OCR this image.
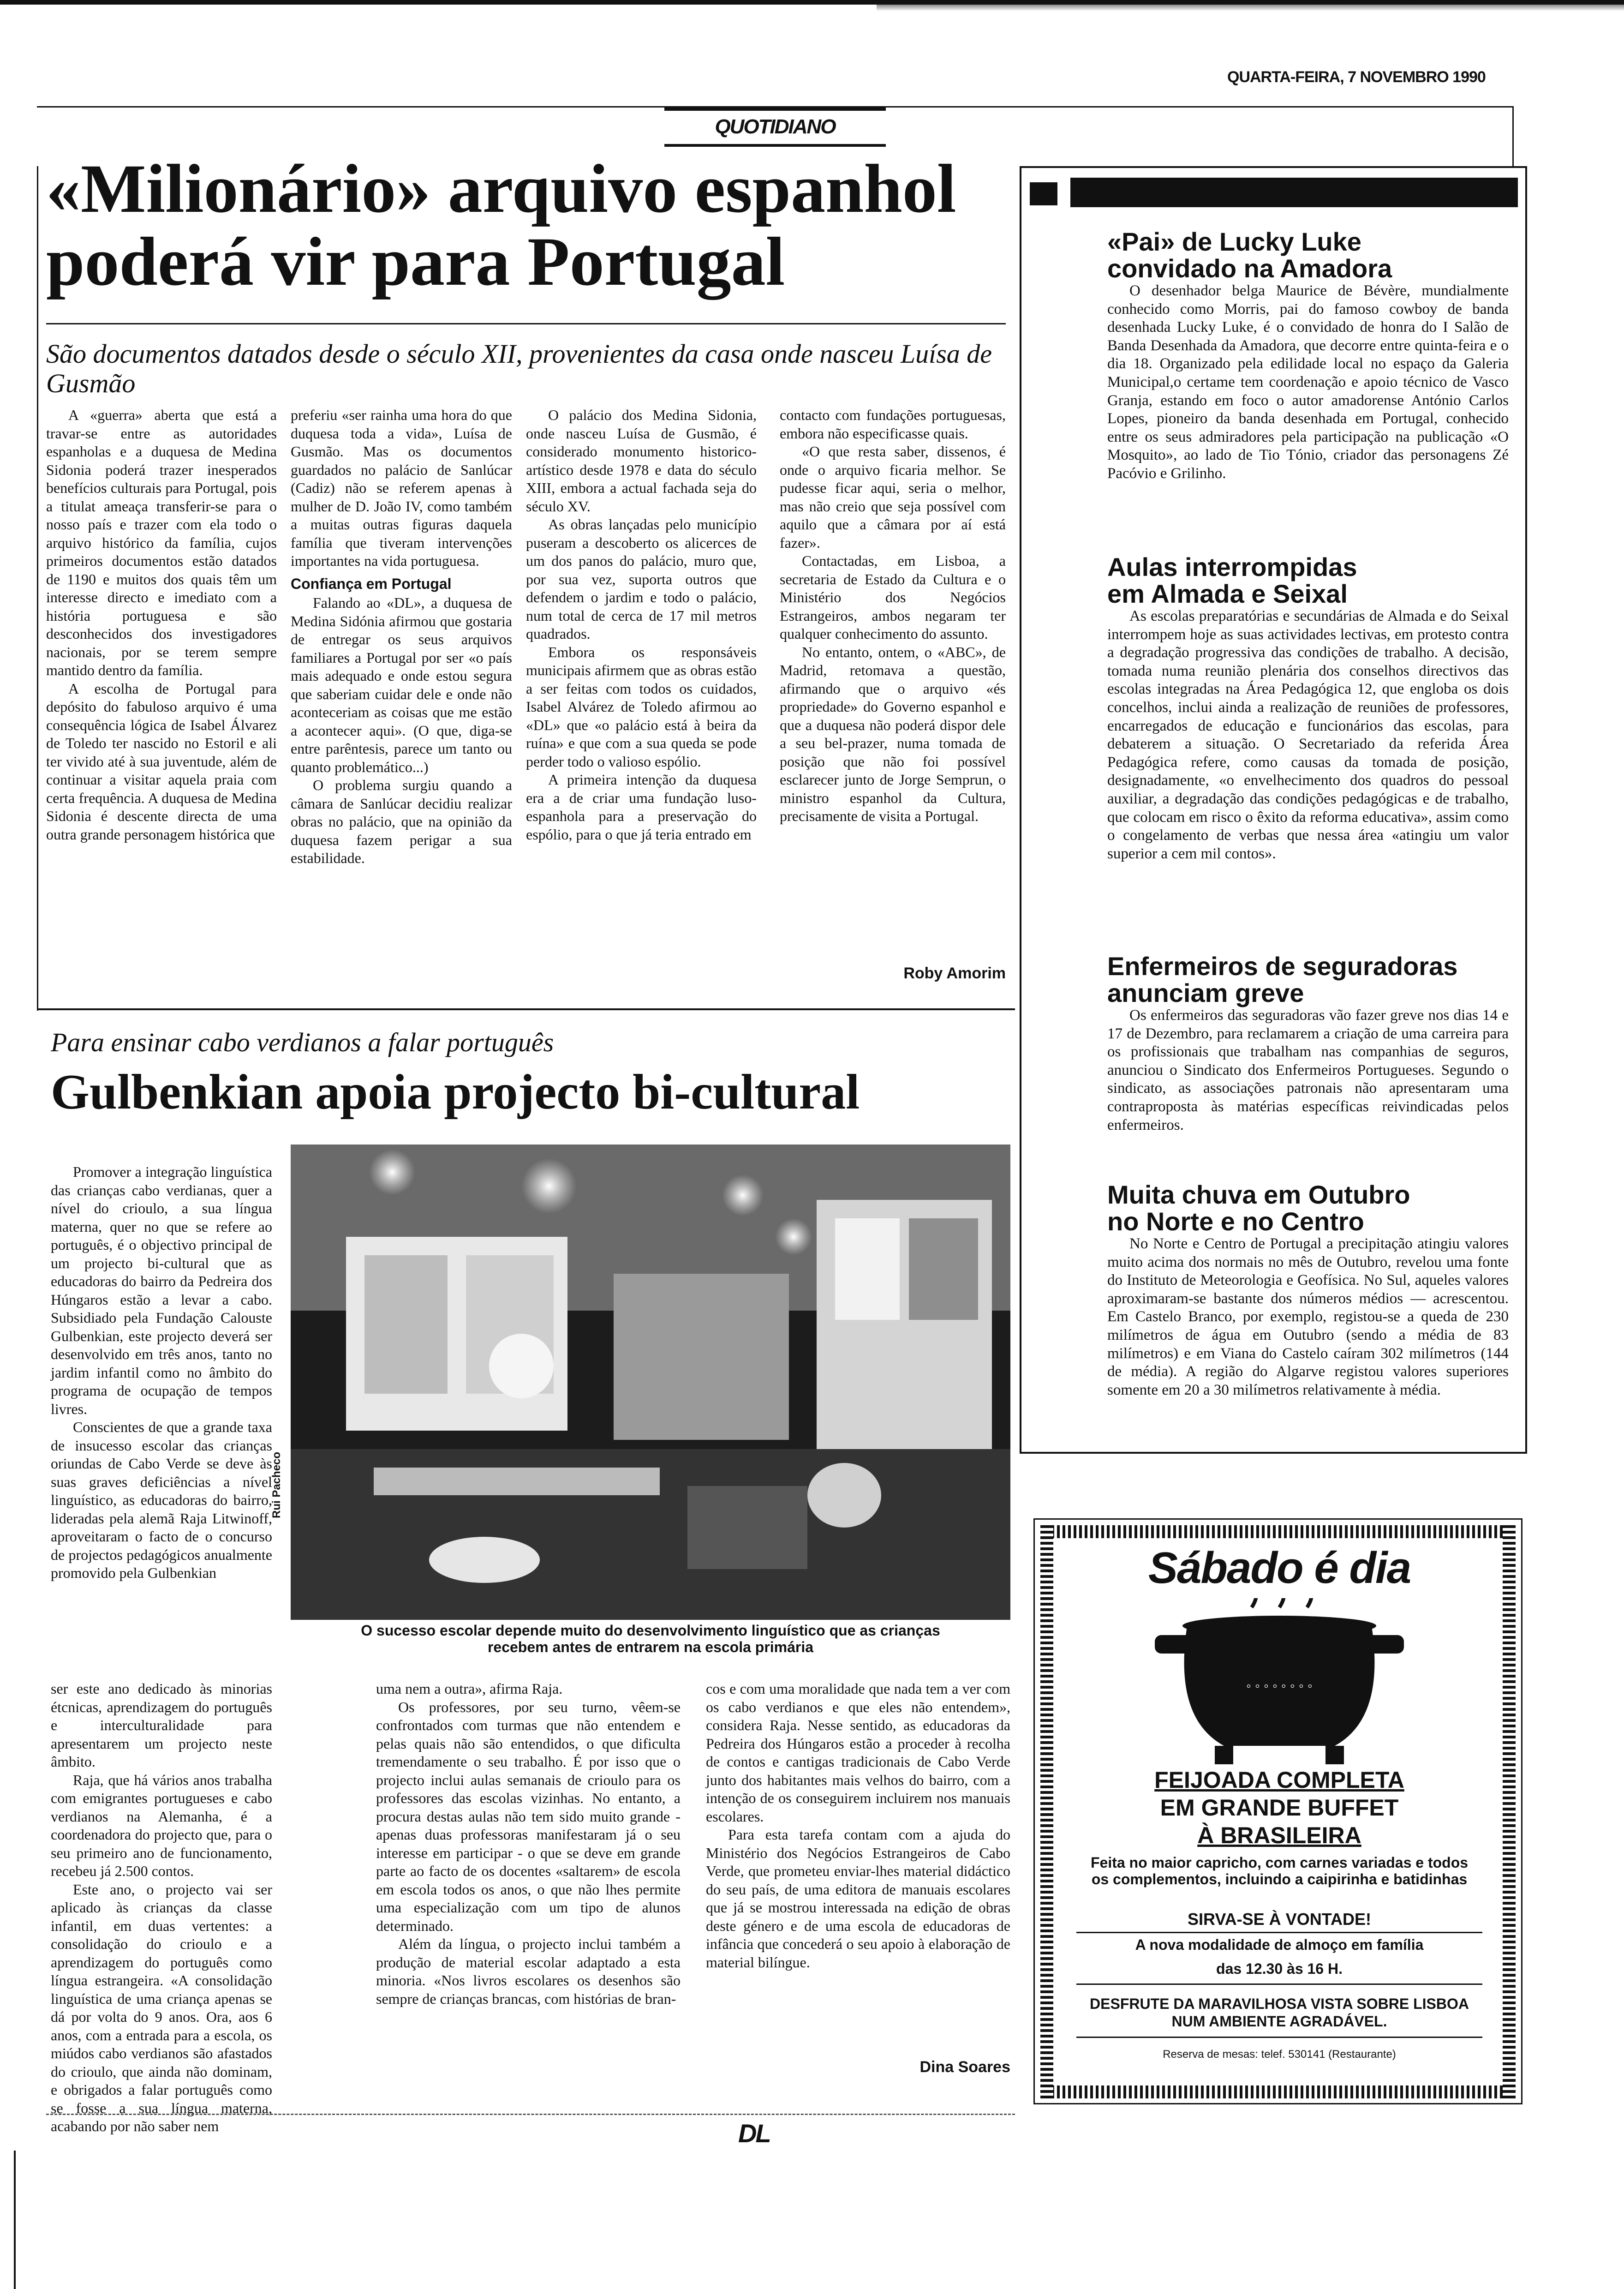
QUARTA-FEIRA, 7 NOVEMBRO 1990
QUOTIDIANO
«Milionário» arquivo espanhol
poderá vir para Portugal
São documentos datados desde o século XII, provenientes da casa onde nasceu Luísa de Gusmão

A «guerra» aberta que está a travar-se entre as autoridades espanholas e a duquesa de Medina Sidonia poderá trazer inesperados benefícios culturais para Portugal, pois a titulat ameaça transferir-se para o nosso país e trazer com ela todo o arquivo histórico da família, cujos primeiros documentos estão datados de 1190 e muitos dos quais têm um interesse directo e imediato com a história portuguesa e são desconhecidos dos investigadores nacionais, por se terem sempre mantido dentro da família.

A escolha de Portugal para depósito do fabuloso arquivo é uma consequência lógica de Isabel Álvarez de Toledo ter nascido no Estoril e ali ter vivido até à sua juventude, além de continuar a visitar aquela praia com certa frequência. A duquesa de Medina Sidonia é descente directa de uma outra grande personagem histórica que

preferiu «ser rainha uma hora do que duquesa toda a vida», Luísa de Gusmão. Mas os documentos guardados no palácio de Sanlúcar (Cadiz) não se referem apenas à mulher de D. João IV, como também a muitas outras figuras daquela família que tiveram intervenções importantes na vida portuguesa.

Confiança em Portugal

Falando ao «DL», a duquesa de Medina Sidónia afirmou que gostaria de entregar os seus arquivos familiares a Portugal por ser «o país mais adequado e onde estou segura que saberiam cuidar dele e onde não aconteceriam as coisas que me estão a acontecer aqui». (O que, diga-se entre parêntesis, parece um tanto ou quanto problemático...)

O problema surgiu quando a câmara de Sanlúcar decidiu realizar obras no palácio, que na opinião da duquesa fazem perigar a sua estabilidade.

O palácio dos Medina Sidonia, onde nasceu Luísa de Gusmão, é considerado monumento historico-artístico desde 1978 e data do século XIII, embora a actual fachada seja do século XV.

As obras lançadas pelo município puseram a descoberto os alicerces de um dos panos do palácio, muro que, por sua vez, suporta outros que defendem o jardim e todo o palácio, num total de cerca de 17 mil metros quadrados.

Embora os responsáveis municipais afirmem que as obras estão a ser feitas com todos os cuidados, Isabel Alvárez de Toledo afirmou ao «DL» que «o palácio está à beira da ruína» e que com a sua queda se pode perder todo o valioso espólio.

A primeira intenção da duquesa era a de criar uma fundação luso-espanhola para a preservação do espólio, para o que já teria entrado em

contacto com fundações portuguesas, embora não especificasse quais.

«O que resta saber, dissenos, é onde o arquivo ficaria melhor. Se pudesse ficar aqui, seria o melhor, mas não creio que seja possível com aquilo que a câmara por aí está fazer».

Contactadas, em Lisboa, a secretaria de Estado da Cultura e o Ministério dos Negócios Estrangeiros, ambos negaram ter qualquer conhecimento do assunto.

No entanto, ontem, o «ABC», de Madrid, retomava a questão, afirmando que o arquivo «és propriedade» do Governo espanhol e que a duquesa não poderá dispor dele a seu bel-prazer, numa tomada de posição que não foi possível esclarecer junto de Jorge Semprun, o ministro espanhol da Cultura, precisamente de visita a Portugal.

Roby Amorim
Para ensinar cabo verdianos a falar português
Gulbenkian apoia projecto bi-cultural

Promover a integração linguística das crianças cabo verdianas, quer a nível do crioulo, a sua língua materna, quer no que se refere ao português, é o objectivo principal de um projecto bi-cultural que as educadoras do bairro da Pedreira dos Húngaros estão a levar a cabo. Subsidiado pela Fundação Calouste Gulbenkian, este projecto deverá ser desenvolvido em três anos, tanto no jardim infantil como no âmbito do programa de ocupação de tempos livres.

Conscientes de que a grande taxa de insucesso escolar das crianças oriundas de Cabo Verde se deve às suas graves deficiências a nível linguístico, as educadoras do bairro, lideradas pela alemã Raja Litwinoff, aproveitaram o facto de o concurso de projectos pedagógicos anualmente promovido pela Gulbenkian

Rui Pacheco
O sucesso escolar depende muito do desenvolvimento linguístico que as crianças
recebem antes de entrarem na escola primária

ser este ano dedicado às minorias étcnicas, aprendizagem do português e interculturalidade para apresentarem um projecto neste âmbito.

Raja, que há vários anos trabalha com emigrantes portugueses e cabo verdianos na Alemanha, é a coordenadora do projecto que, para o seu primeiro ano de funcionamento, recebeu já 2.500 contos.

Este ano, o projecto vai ser aplicado às crianças da classe infantil, em duas vertentes: a consolidação do crioulo e a aprendizagem do português como língua estrangeira. «A consolidação linguística de uma criança apenas se dá por volta do 9 anos. Ora, aos 6 anos, com a entrada para a escola, os miúdos cabo verdianos são afastados do crioulo, que ainda não dominam, e obrigados a falar português como se fosse a sua língua materna, acabando por não saber nem

uma nem a outra», afirma Raja.

Os professores, por seu turno, vêem-se confrontados com turmas que não entendem e pelas quais não são entendidos, o que dificulta tremendamente o seu trabalho. É por isso que o projecto inclui aulas semanais de crioulo para os professores das escolas vizinhas. No entanto, a procura destas aulas não tem sido muito grande - apenas duas professoras manifestaram já o seu interesse em participar - o que se deve em grande parte ao facto de os docentes «saltarem» de escola em escola todos os anos, o que não lhes permite uma especialização com um tipo de alunos determinado.

Além da língua, o projecto inclui também a produção de material escolar adaptado a esta minoria. «Nos livros escolares os desenhos são sempre de crianças brancas, com histórias de bran-

cos e com uma moralidade que nada tem a ver com os cabo verdianos e que eles não entendem», considera Raja. Nesse sentido, as educadoras da Pedreira dos Húngaros estão a proceder à recolha de contos e cantigas tradicionais de Cabo Verde junto dos habitantes mais velhos do bairro, com a intenção de os conseguirem incluirem nos manuais escolares.

Para esta tarefa contam com a ajuda do Ministério dos Negócios Estrangeiros de Cabo Verde, que prometeu enviar-lhes material didáctico do seu país, de uma editora de manuais escolares que já se mostrou interessada na edição de obras deste género e de uma escola de educadoras de infância que concederá o seu apoio à elaboração de material bilíngue.

Dina Soares
«Pai» de Lucky Luke
convidado na Amadora

O desenhador belga Maurice de Bévère, mundialmente conhecido como Morris, pai do famoso cowboy de banda desenhada Lucky Luke, é o convidado de honra do I Salão de Banda Desenhada da Amadora, que decorre entre quinta-feira e o dia 18. Organizado pela edilidade local no espaço da Galeria Municipal,o certame tem coordenação e apoio técnico de Vasco Granja, estando em foco o autor amadorense António Carlos Lopes, pioneiro da banda desenhada em Portugal, conhecido entre os seus admiradores pela participação na publicação «O Mosquito», ao lado de Tio Tónio, criador das personagens Zé Pacóvio e Grilinho.

Aulas interrompidas
em Almada e Seixal

As escolas preparatórias e secundárias de Almada e do Seixal interrompem hoje as suas actividades lectivas, em protesto contra a degradação progressiva das condições de trabalho. A decisão, tomada numa reunião plenária dos conselhos directivos das escolas integradas na Área Pedagógica 12, que engloba os dois concelhos, inclui ainda a realização de reuniões de professores, encarregados de educação e funcionários das escolas, para debaterem a situação. O Secretariado da referida Área Pedagógica refere, como causas da tomada de posição, designadamente, «o envelhecimento dos quadros do pessoal auxiliar, a degradação das condições pedagógicas e de trabalho, que colocam em risco o êxito da reforma educativa», assim como o congelamento de verbas que nessa área «atingiu um valor superior a cem mil contos».

Enfermeiros de seguradoras
anunciam greve

Os enfermeiros das seguradoras vão fazer greve nos dias 14 e 17 de Dezembro, para reclamarem a criação de uma carreira para os profissionais que trabalham nas companhias de seguros, anunciou o Sindicato dos Enfermeiros Portugueses. Segundo o sindicato, as associações patronais não apresentaram uma contraproposta às matérias específicas reivindicadas pelos enfermeiros.

Muita chuva em Outubro
no Norte e no Centro

No Norte e Centro de Portugal a precipitação atingiu valores muito acima dos normais no mês de Outubro, revelou uma fonte do Instituto de Meteorologia e Geofísica. No Sul, aqueles valores aproximaram-se bastante dos números médios — acrescentou. Em Castelo Branco, por exemplo, registou-se a queda de 230 milímetros de água em Outubro (sendo a média de 83 milímetros) e em Viana do Castelo caíram 302 milímetros (144 de média). A região do Algarve registou valores superiores somente em 20 a 30 milímetros relativamente à média.

Sábado é dia
◦ ◦ ◦ ◦ ◦ ◦ ◦ ◦
FEIJOADA COMPLETA
EM GRANDE BUFFET
À BRASILEIRA
Feita no maior capricho, com carnes variadas e todos os complementos, incluindo a caipirinha e batidinhas
SIRVA-SE À VONTADE!
A nova modalidade de almoço em família
das 12.30 às 16 H.
DESFRUTE DA MARAVILHOSA VISTA SOBRE LISBOA NUM AMBIENTE AGRADÁVEL.
Reserva de mesas: telef. 530141 (Restaurante)
DL
